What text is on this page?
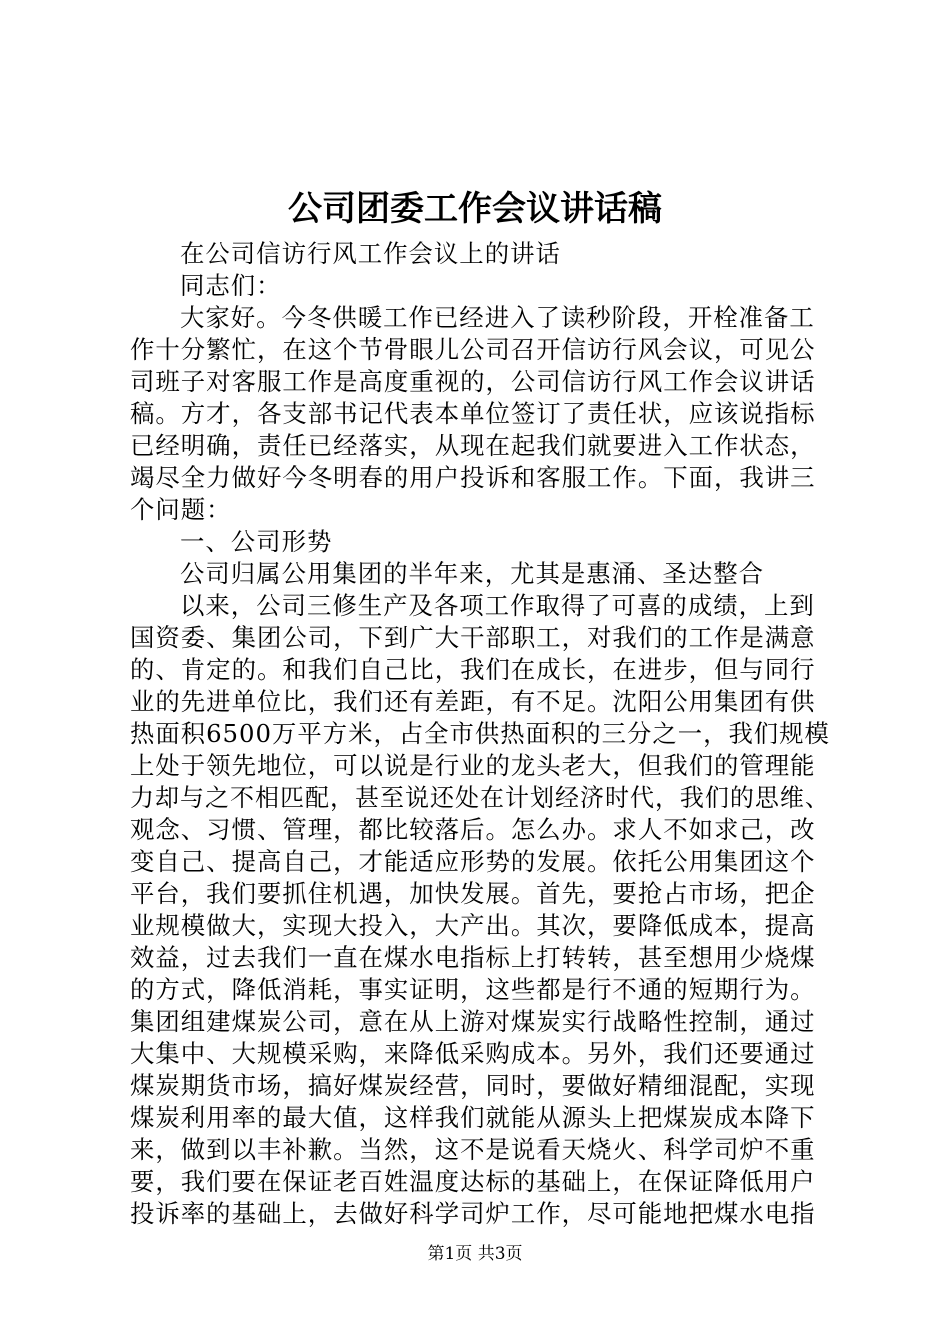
公司团委工作会议讲话稿
在公司信访行风工作会议上的讲话
同志们：
大家好。今冬供暖工作已经进入了读秒阶段，开栓准备工
作十分繁忙，在这个节骨眼儿公司召开信访行风会议，可见公
司班子对客服工作是高度重视的，公司信访行风工作会议讲话
稿。方才，各支部书记代表本单位签订了责任状，应该说指标
已经明确，责任已经落实，从现在起我们就要进入工作状态，
竭尽全力做好今冬明春的用户投诉和客服工作。下面，我讲三
个问题：
一、公司形势
公司归属公用集团的半年来，尤其是惠涌、圣达整合
以来，公司三修生产及各项工作取得了可喜的成绩，上到
国资委、集团公司，下到广大干部职工，对我们的工作是满意
的、肯定的。和我们自己比，我们在成长，在进步，但与同行
业的先进单位比，我们还有差距，有不足。沈阳公用集团有供
热面积6500万平方米，占全市供热面积的三分之一，我们规模
上处于领先地位，可以说是行业的龙头老大，但我们的管理能
力却与之不相匹配，甚至说还处在计划经济时代，我们的思维、
观念、习惯、管理，都比较落后。怎么办。求人不如求己，改
变自己、提高自己，才能适应形势的发展。依托公用集团这个
平台，我们要抓住机遇，加快发展。首先，要抢占市场，把企
业规模做大，实现大投入，大产出。其次，要降低成本，提高
效益，过去我们一直在煤水电指标上打转转，甚至想用少烧煤
的方式，降低消耗，事实证明，这些都是行不通的短期行为。
集团组建煤炭公司，意在从上游对煤炭实行战略性控制，通过
大集中、大规模采购，来降低采购成本。另外，我们还要通过
煤炭期货市场，搞好煤炭经营，同时，要做好精细混配，实现
煤炭利用率的最大值，这样我们就能从源头上把煤炭成本降下
来，做到以丰补歉。当然，这不是说看天烧火、科学司炉不重
要，我们要在保证老百姓温度达标的基础上，在保证降低用户
投诉率的基础上，去做好科学司炉工作，尽可能地把煤水电指
第1页 共3页
